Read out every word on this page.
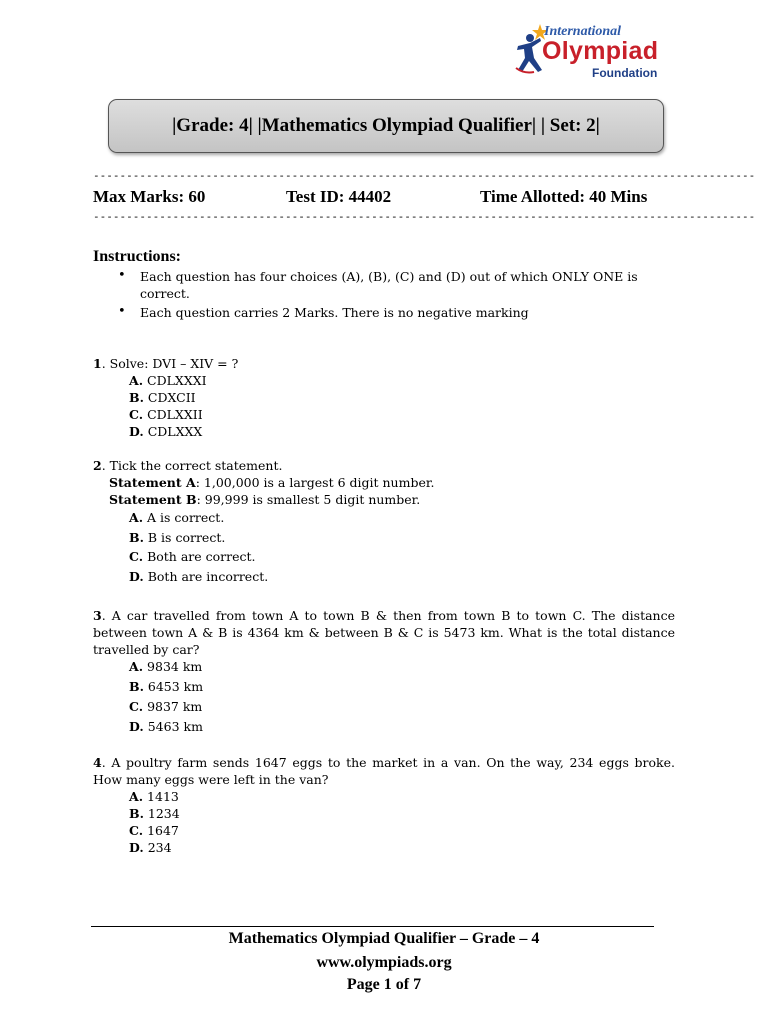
International
Olympiad
Foundation
|Grade: 4| |Mathematics Olympiad Qualifier| | Set: 2|
----------------------------------------------------------------------------------------------------
Max Marks: 60	Test ID: 44402	Time Allotted: 40 Mins
----------------------------------------------------------------------------------------------------
Instructions:
• Each question has four choices (A), (B), (C) and (D) out of which ONLY ONE is
correct.
• Each question carries 2 Marks. There is no negative marking
1. Solve: DVI – XIV = ?
A. CDLXXXI
B. CDXCII
C. CDLXXII
D. CDLXXX
2. Tick the correct statement.
Statement A: 1,00,000 is a largest 6 digit number.
Statement B: 99,999 is smallest 5 digit number.
A. A is correct.
B. B is correct.
C. Both are correct.
D. Both are incorrect.
3. A car travelled from town A to town B & then from town B to town C. The distance between town A & B is 4364 km & between B & C is 5473 km. What is the total distance travelled by car?
A. 9834 km
B. 6453 km
C. 9837 km
D. 5463 km
4. A poultry farm sends 1647 eggs to the market in a van. On the way, 234 eggs broke. How many eggs were left in the van?
A. 1413
B. 1234
C. 1647
D. 234
Mathematics Olympiad Qualifier – Grade – 4
www.olympiads.org
Page 1 of 7
